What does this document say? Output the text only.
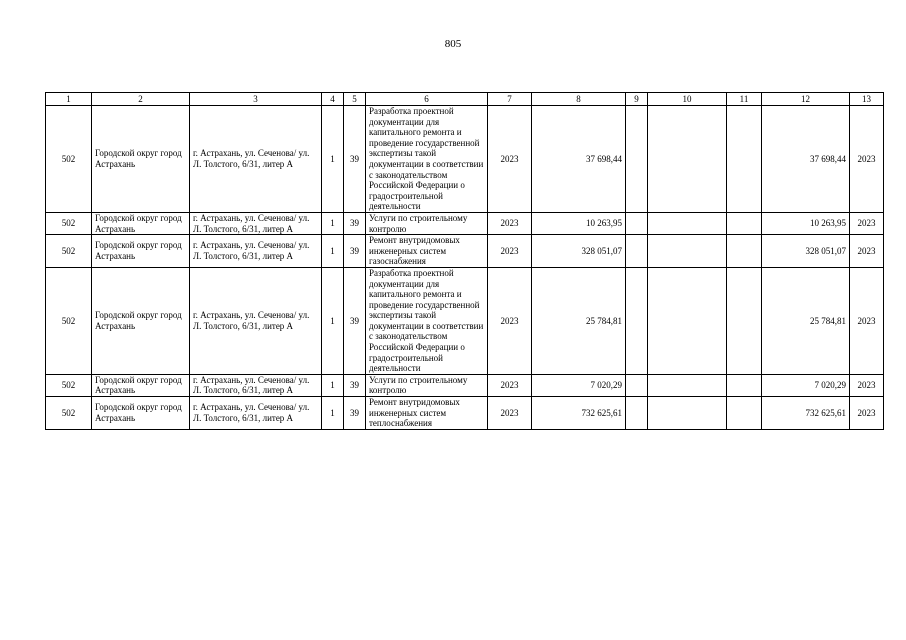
805
1	2	3	4	5	6	7	8	9	10	11	12	13
502	Городской округ город Астрахань	г. Астрахань, ул. Сеченова/ ул. Л. Толстого, 6/31, литер А	1	39	Разработка проектной документации для капитального ремонта и проведение государственной экспертизы такой документации в соответствии с законодательством Российской Федерации о градостроительной деятельности	2023	37 698,44				37 698,44	2023
502	Городской округ город Астрахань	г. Астрахань, ул. Сеченова/ ул. Л. Толстого, 6/31, литер А	1	39	Услуги по строительному контролю	2023	10 263,95				10 263,95	2023
502	Городской округ город Астрахань	г. Астрахань, ул. Сеченова/ ул. Л. Толстого, 6/31, литер А	1	39	Ремонт внутридомовых инженерных систем газоснабжения	2023	328 051,07				328 051,07	2023
502	Городской округ город Астрахань	г. Астрахань, ул. Сеченова/ ул. Л. Толстого, 6/31, литер А	1	39	Разработка проектной документации для капитального ремонта и проведение государственной экспертизы такой документации в соответствии с законодательством Российской Федерации о градостроительной деятельности	2023	25 784,81				25 784,81	2023
502	Городской округ город Астрахань	г. Астрахань, ул. Сеченова/ ул. Л. Толстого, 6/31, литер А	1	39	Услуги по строительному контролю	2023	7 020,29				7 020,29	2023
502	Городской округ город Астрахань	г. Астрахань, ул. Сеченова/ ул. Л. Толстого, 6/31, литер А	1	39	Ремонт внутридомовых инженерных систем теплоснабжения	2023	732 625,61				732 625,61	2023
